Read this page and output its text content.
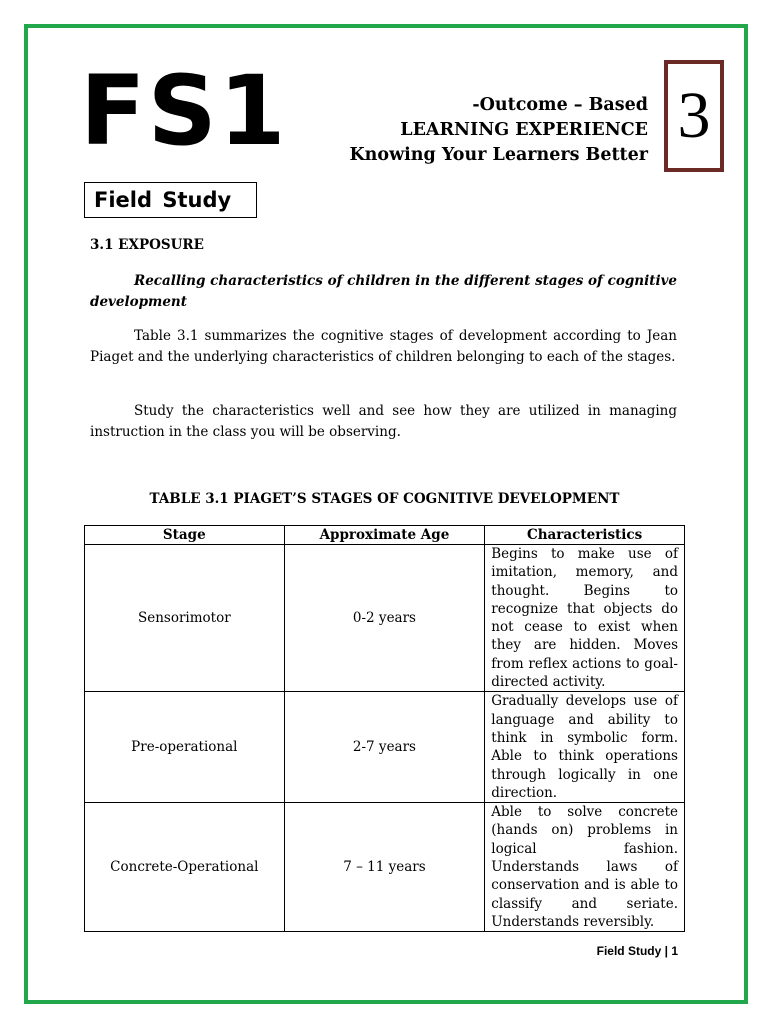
FS1	-Outcome – Based
LEARNING EXPERIENCE
Knowing Your Learners Better
3
Field Study
3.1 EXPOSURE
Recalling characteristics of children in the different stages of cognitive development
Table 3.1 summarizes the cognitive stages of development according to Jean Piaget and the underlying characteristics of children belonging to each of the stages.
Study the characteristics well and see how they are utilized in managing instruction in the class you will be observing.
TABLE 3.1 PIAGET’S STAGES OF COGNITIVE DEVELOPMENT
Stage	Approximate Age	Characteristics
Sensorimotor	0-2 years	Begins to make use of imitation, memory, and thought. Begins to recognize that objects do not cease to exist when they are hidden. Moves from reflex actions to goal-directed activity.
Pre-operational	2-7 years	Gradually develops use of language and ability to think in symbolic form. Able to think operations through logically in one direction.
Concrete-Operational	7 – 11 years	Able to solve concrete (hands on) problems in logical fashion. Understands laws of conservation and is able to classify and seriate. Understands reversibly.
Field Study | 1
